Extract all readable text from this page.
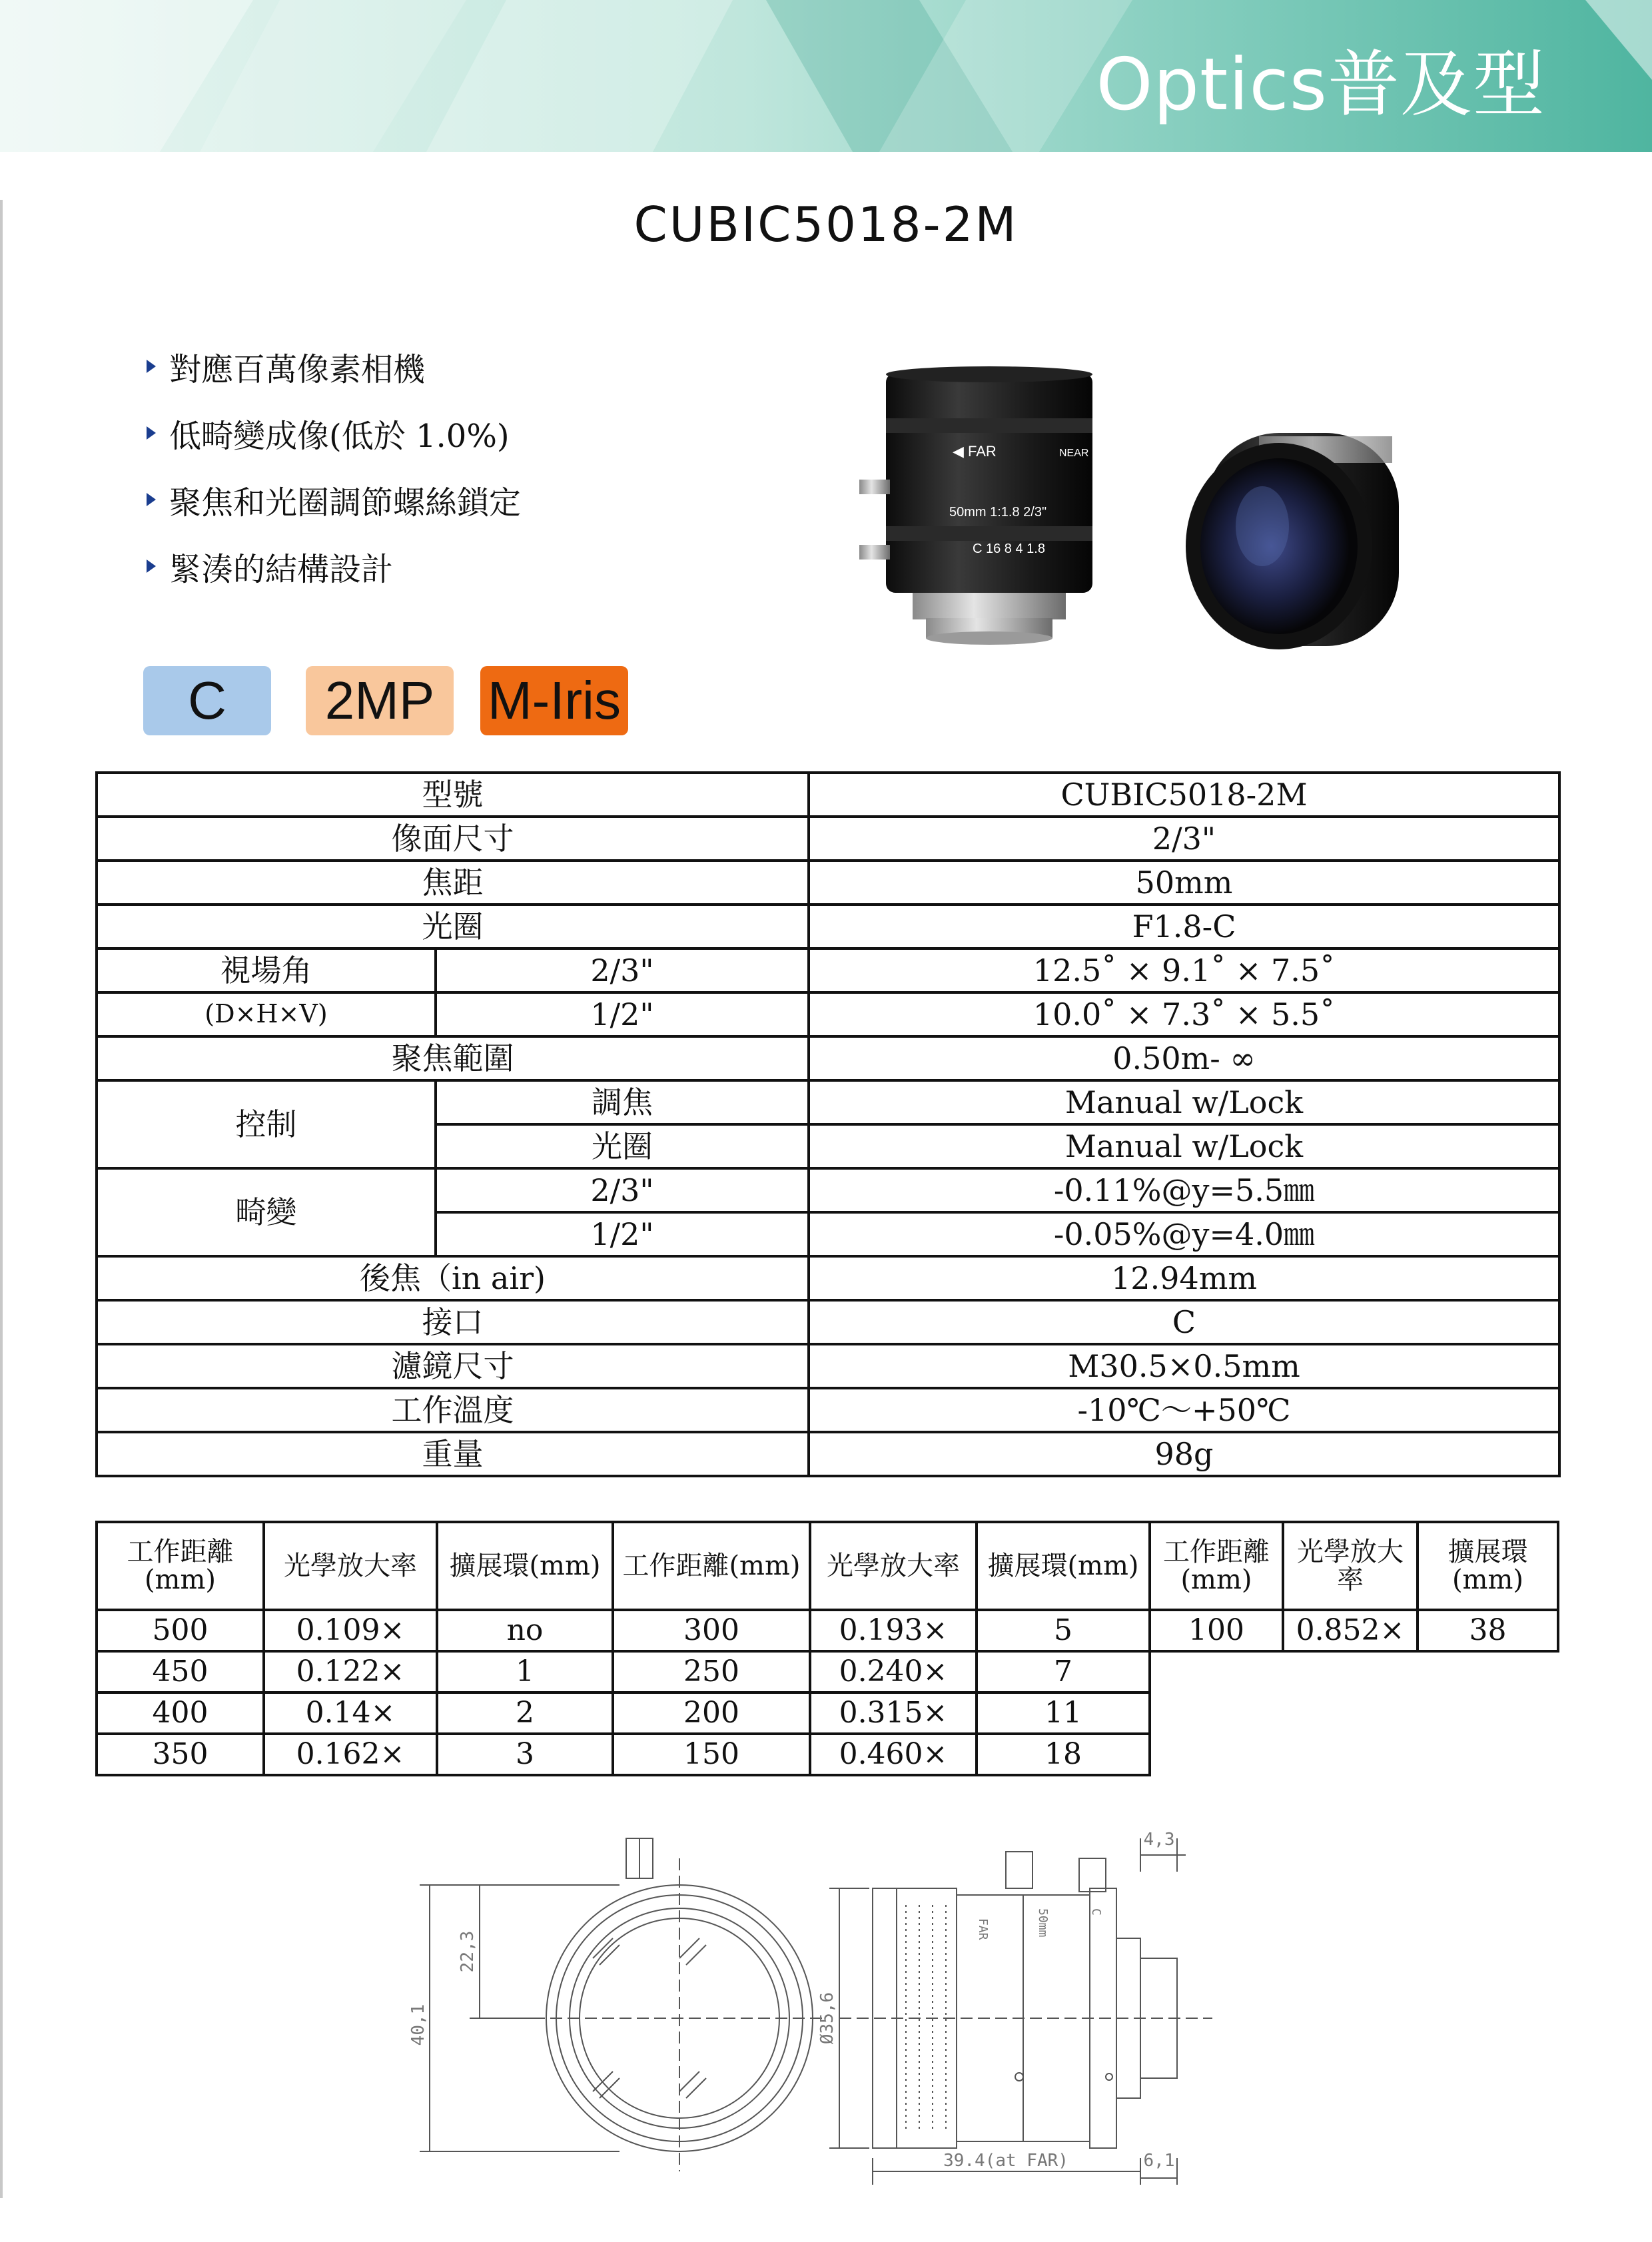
Optics普及型
CUBIC5018-2M
對應百萬像素相機
低畸變成像(低於 1.0%)
聚焦和光圈調節螺絲鎖定
緊湊的結構設計
◀ FAR	NEAR
50mm 1:1.8 2/3"
C 16 8 4 1.8
C	2MP M-Iris
型號		CUBIC5018-2M
像面尺寸		2/3"
焦距		50mm
光圈		F1.8-C
視場角	2/3"	12.5˚ × 9.1˚ × 7.5˚
(D×H×V)	1/2"	10.0˚ × 7.3˚ × 5.5˚
聚焦範圍		0.50m- ∞
控制	調焦	Manual w/Lock
	光圈	Manual w/Lock
畸變	2/3"	-0.11%@y=5.5㎜
	1/2"	-0.05%@y=4.0㎜
後焦（in air)		12.94mm
接口		C
濾鏡尺寸		M30.5×0.5mm
工作溫度		-10℃～+50℃
重量		98g
工作距離(mm)	光學放大率	擴展環(mm)	工作距離(mm)	光學放大率	擴展環(mm)	工作距離(mm)	光學放大率	擴展環(mm)
500	0.109×	no	300	0.193×	5	100	0.852×	38
450	0.122×	1	250	0.240×	7			
400	0.14×	2	200	0.315×	11			
350	0.162×	3	150	0.460×	18			
40,1
22,3
Ø35,6
4,3
39.4(at FAR)	6,1
FAR	50mm	C
